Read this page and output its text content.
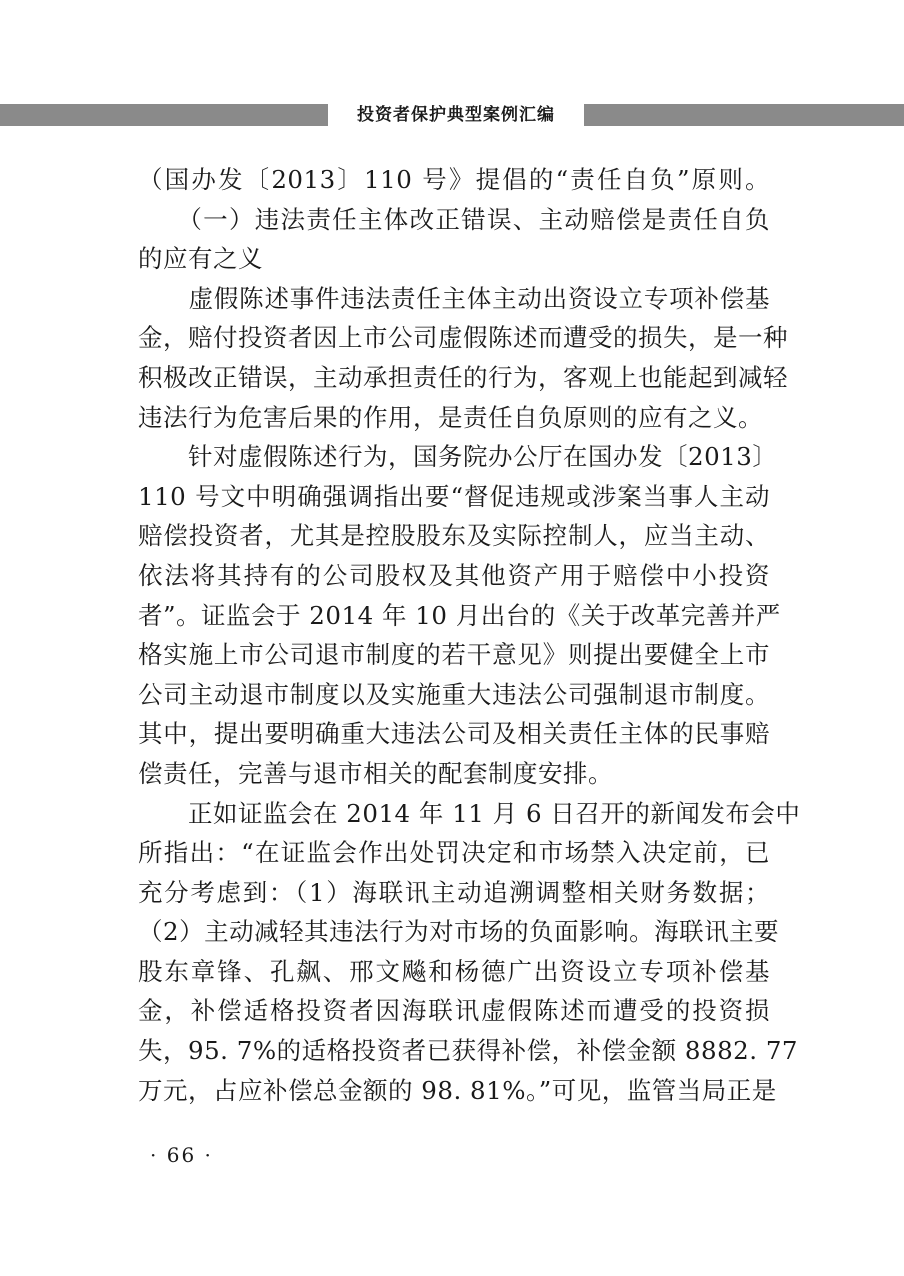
投资者保护典型案例汇编
（国办发〔2013〕110 号》提倡的“责任自负”原则。
　　（一）违法责任主体改正错误、主动赔偿是责任自负
的应有之义
　　虚假陈述事件违法责任主体主动出资设立专项补偿基
金，赔付投资者因上市公司虚假陈述而遭受的损失，是一种
积极改正错误，主动承担责任的行为，客观上也能起到减轻
违法行为危害后果的作用，是责任自负原则的应有之义。
　　针对虚假陈述行为，国务院办公厅在国办发〔2013〕
110 号文中明确强调指出要“督促违规或涉案当事人主动
赔偿投资者，尤其是控股股东及实际控制人，应当主动、
依法将其持有的公司股权及其他资产用于赔偿中小投资
者”。证监会于 2014 年 10 月出台的《关于改革完善并严
格实施上市公司退市制度的若干意见》则提出要健全上市
公司主动退市制度以及实施重大违法公司强制退市制度。
其中，提出要明确重大违法公司及相关责任主体的民事赔
偿责任，完善与退市相关的配套制度安排。
　　正如证监会在 2014 年 11 月 6 日召开的新闻发布会中
所指出：“在证监会作出处罚决定和市场禁入决定前，已
充分考虑到：（1）海联讯主动追溯调整相关财务数据；
（2）主动减轻其违法行为对市场的负面影响。海联讯主要
股东章锋、孔飙、邢文飚和杨德广出资设立专项补偿基
金，补偿适格投资者因海联讯虚假陈述而遭受的投资损
失，95. 7%的适格投资者已获得补偿，补偿金额 8882. 77
万元，占应补偿总金额的 98. 81%。”可见，监管当局正是
· 66 ·
